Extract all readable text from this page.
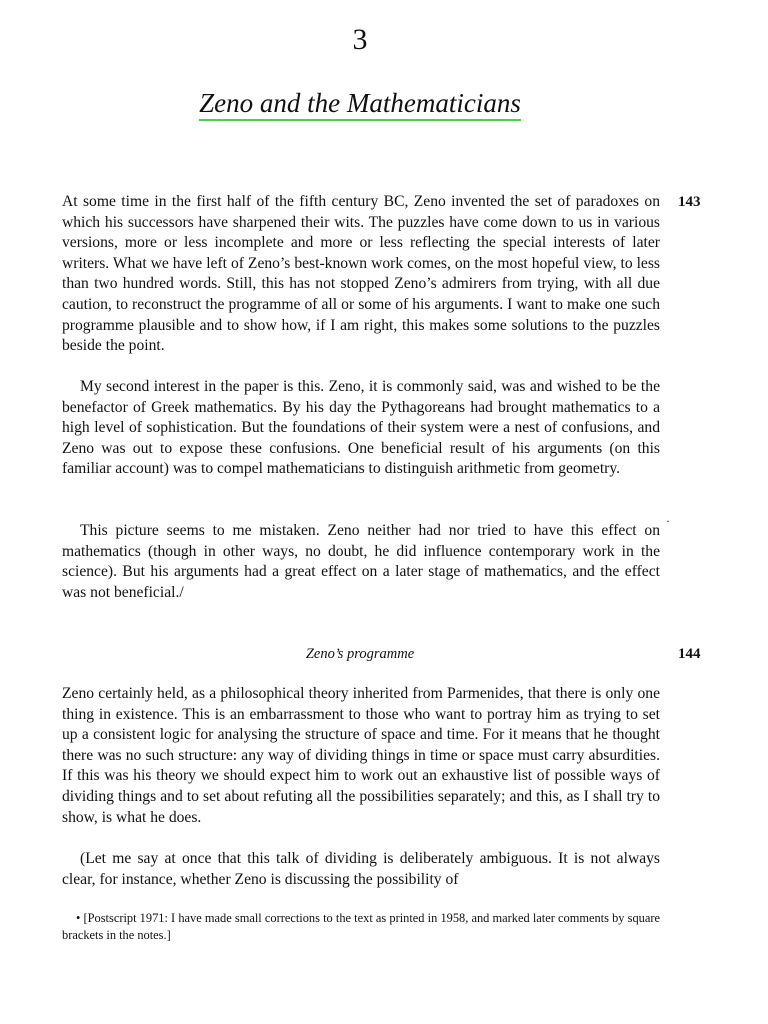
3
Zeno and the Mathematicians

At some time in the first half of the fifth century BC, Zeno invented the set of paradoxes on which his successors have sharpened their wits. The puzzles have come down to us in various versions, more or less incomplete and more or less reflecting the special interests of later writers. What we have left of Zeno’s best-known work comes, on the most hopeful view, to less than two hundred words. Still, this has not stopped Zeno’s admirers from trying, with all due caution, to reconstruct the programme of all or some of his arguments. I want to make one such programme plausible and to show how, if I am right, this makes some solutions to the puzzles beside the point.

143

My second interest in the paper is this. Zeno, it is commonly said, was and wished to be the benefactor of Greek mathematics. By his day the Pythagoreans had brought mathematics to a high level of sophistication. But the foundations of their system were a nest of confusions, and Zeno was out to expose these confusions. One beneficial result of his arguments (on this familiar account) was to compel mathematicians to distinguish arithmetic from geometry.

This picture seems to me mistaken. Zeno neither had nor tried to have this effect on mathematics (though in other ways, no doubt, he did influence contemporary work in the science). But his arguments had a great effect on a later stage of mathematics, and the effect was not beneficial./

·
Zeno’s programme	144

Zeno certainly held, as a philosophical theory inherited from Parmenides, that there is only one thing in existence. This is an embarrassment to those who want to portray him as trying to set up a consistent logic for analysing the structure of space and time. For it means that he thought there was no such structure: any way of dividing things in time or space must carry absurdities. If this was his theory we should expect him to work out an exhaustive list of possible ways of dividing things and to set about refuting all the possibilities separately; and this, as I shall try to show, is what he does.

(Let me say at once that this talk of dividing is deliberately ambiguous. It is not always clear, for instance, whether Zeno is discussing the possibility of

• [Postscript 1971: I have made small corrections to the text as printed in 1958, and marked later comments by square brackets in the notes.]
